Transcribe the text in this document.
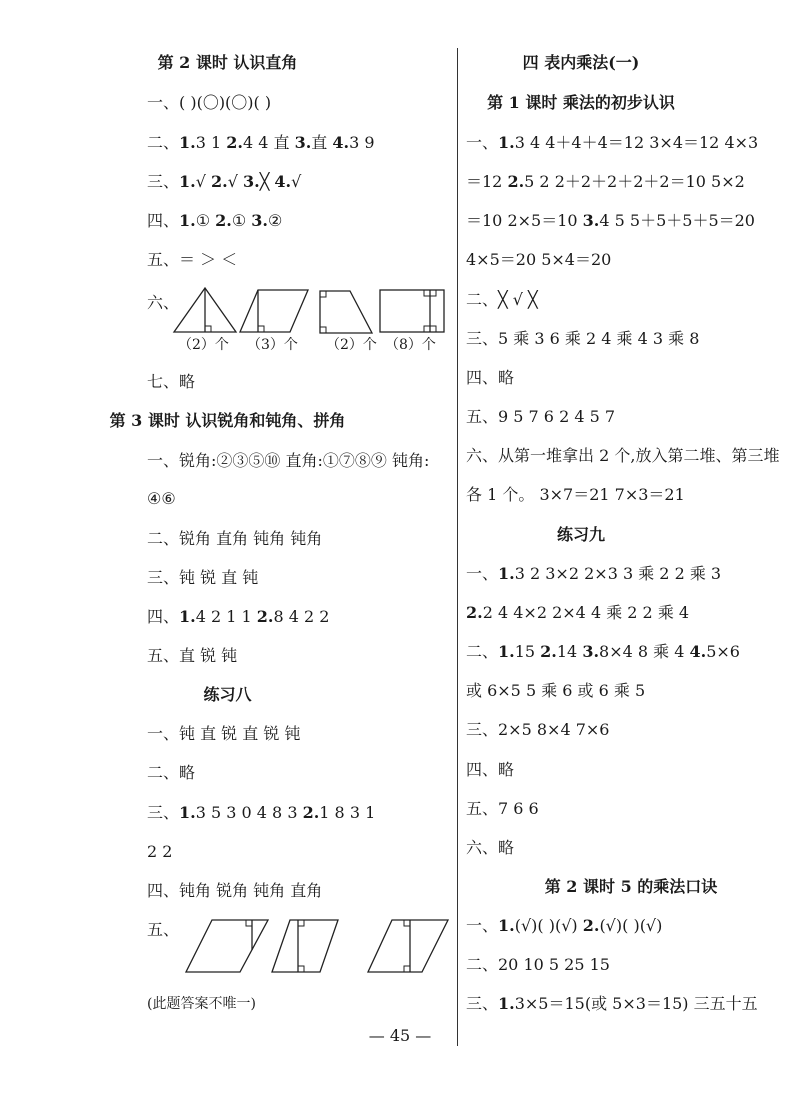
第 2 课时 认识直角
一、( )(〇)(〇)( )
二、1.3 1 2.4 4 直 3.直 4.3 9
三、1.√ 2.√ 3.╳ 4.√
四、1.① 2.① 3.②
五、＝ ＞ ＜
六、
（2）个 （3）个 （2）个 （8）个
七、略
第 3 课时 认识锐角和钝角、拼角
一、锐角:②③⑤⑩ 直角:①⑦⑧⑨ 钝角:
④⑥
二、锐角 直角 钝角 钝角
三、钝 锐 直 钝
四、1.4 2 1 1 2.8 4 2 2
五、直 锐 钝
练习八
一、钝 直 锐 直 锐 钝
二、略
三、1.3 5 3 0 4 8 3 2.1 8 3 1
2 2
四、钝角 锐角 钝角 直角
五、
(此题答案不唯一)
四 表内乘法(一)
第 1 课时 乘法的初步认识
一、1.3 4 4＋4＋4＝12 3×4＝12 4×3
＝12 2.5 2 2＋2＋2＋2＋2＝10 5×2
＝10 2×5＝10 3.4 5 5＋5＋5＋5＝20
4×5＝20 5×4＝20
二、╳ √ ╳
三、5 乘 3 6 乘 2 4 乘 4 3 乘 8
四、略
五、9 5 7 6 2 4 5 7
六、从第一堆拿出 2 个,放入第二堆、第三堆
各 1 个。 3×7＝21 7×3＝21
练习九
一、1.3 2 3×2 2×3 3 乘 2 2 乘 3
2.2 4 4×2 2×4 4 乘 2 2 乘 4
二、1.15 2.14 3.8×4 8 乘 4 4.5×6
或 6×5 5 乘 6 或 6 乘 5
三、2×5 8×4 7×6
四、略
五、7 6 6
六、略
第 2 课时 5 的乘法口诀
一、1.(√)( )(√) 2.(√)( )(√)
二、20 10 5 25 15
三、1.3×5＝15(或 5×3＝15) 三五十五
— 45 —
